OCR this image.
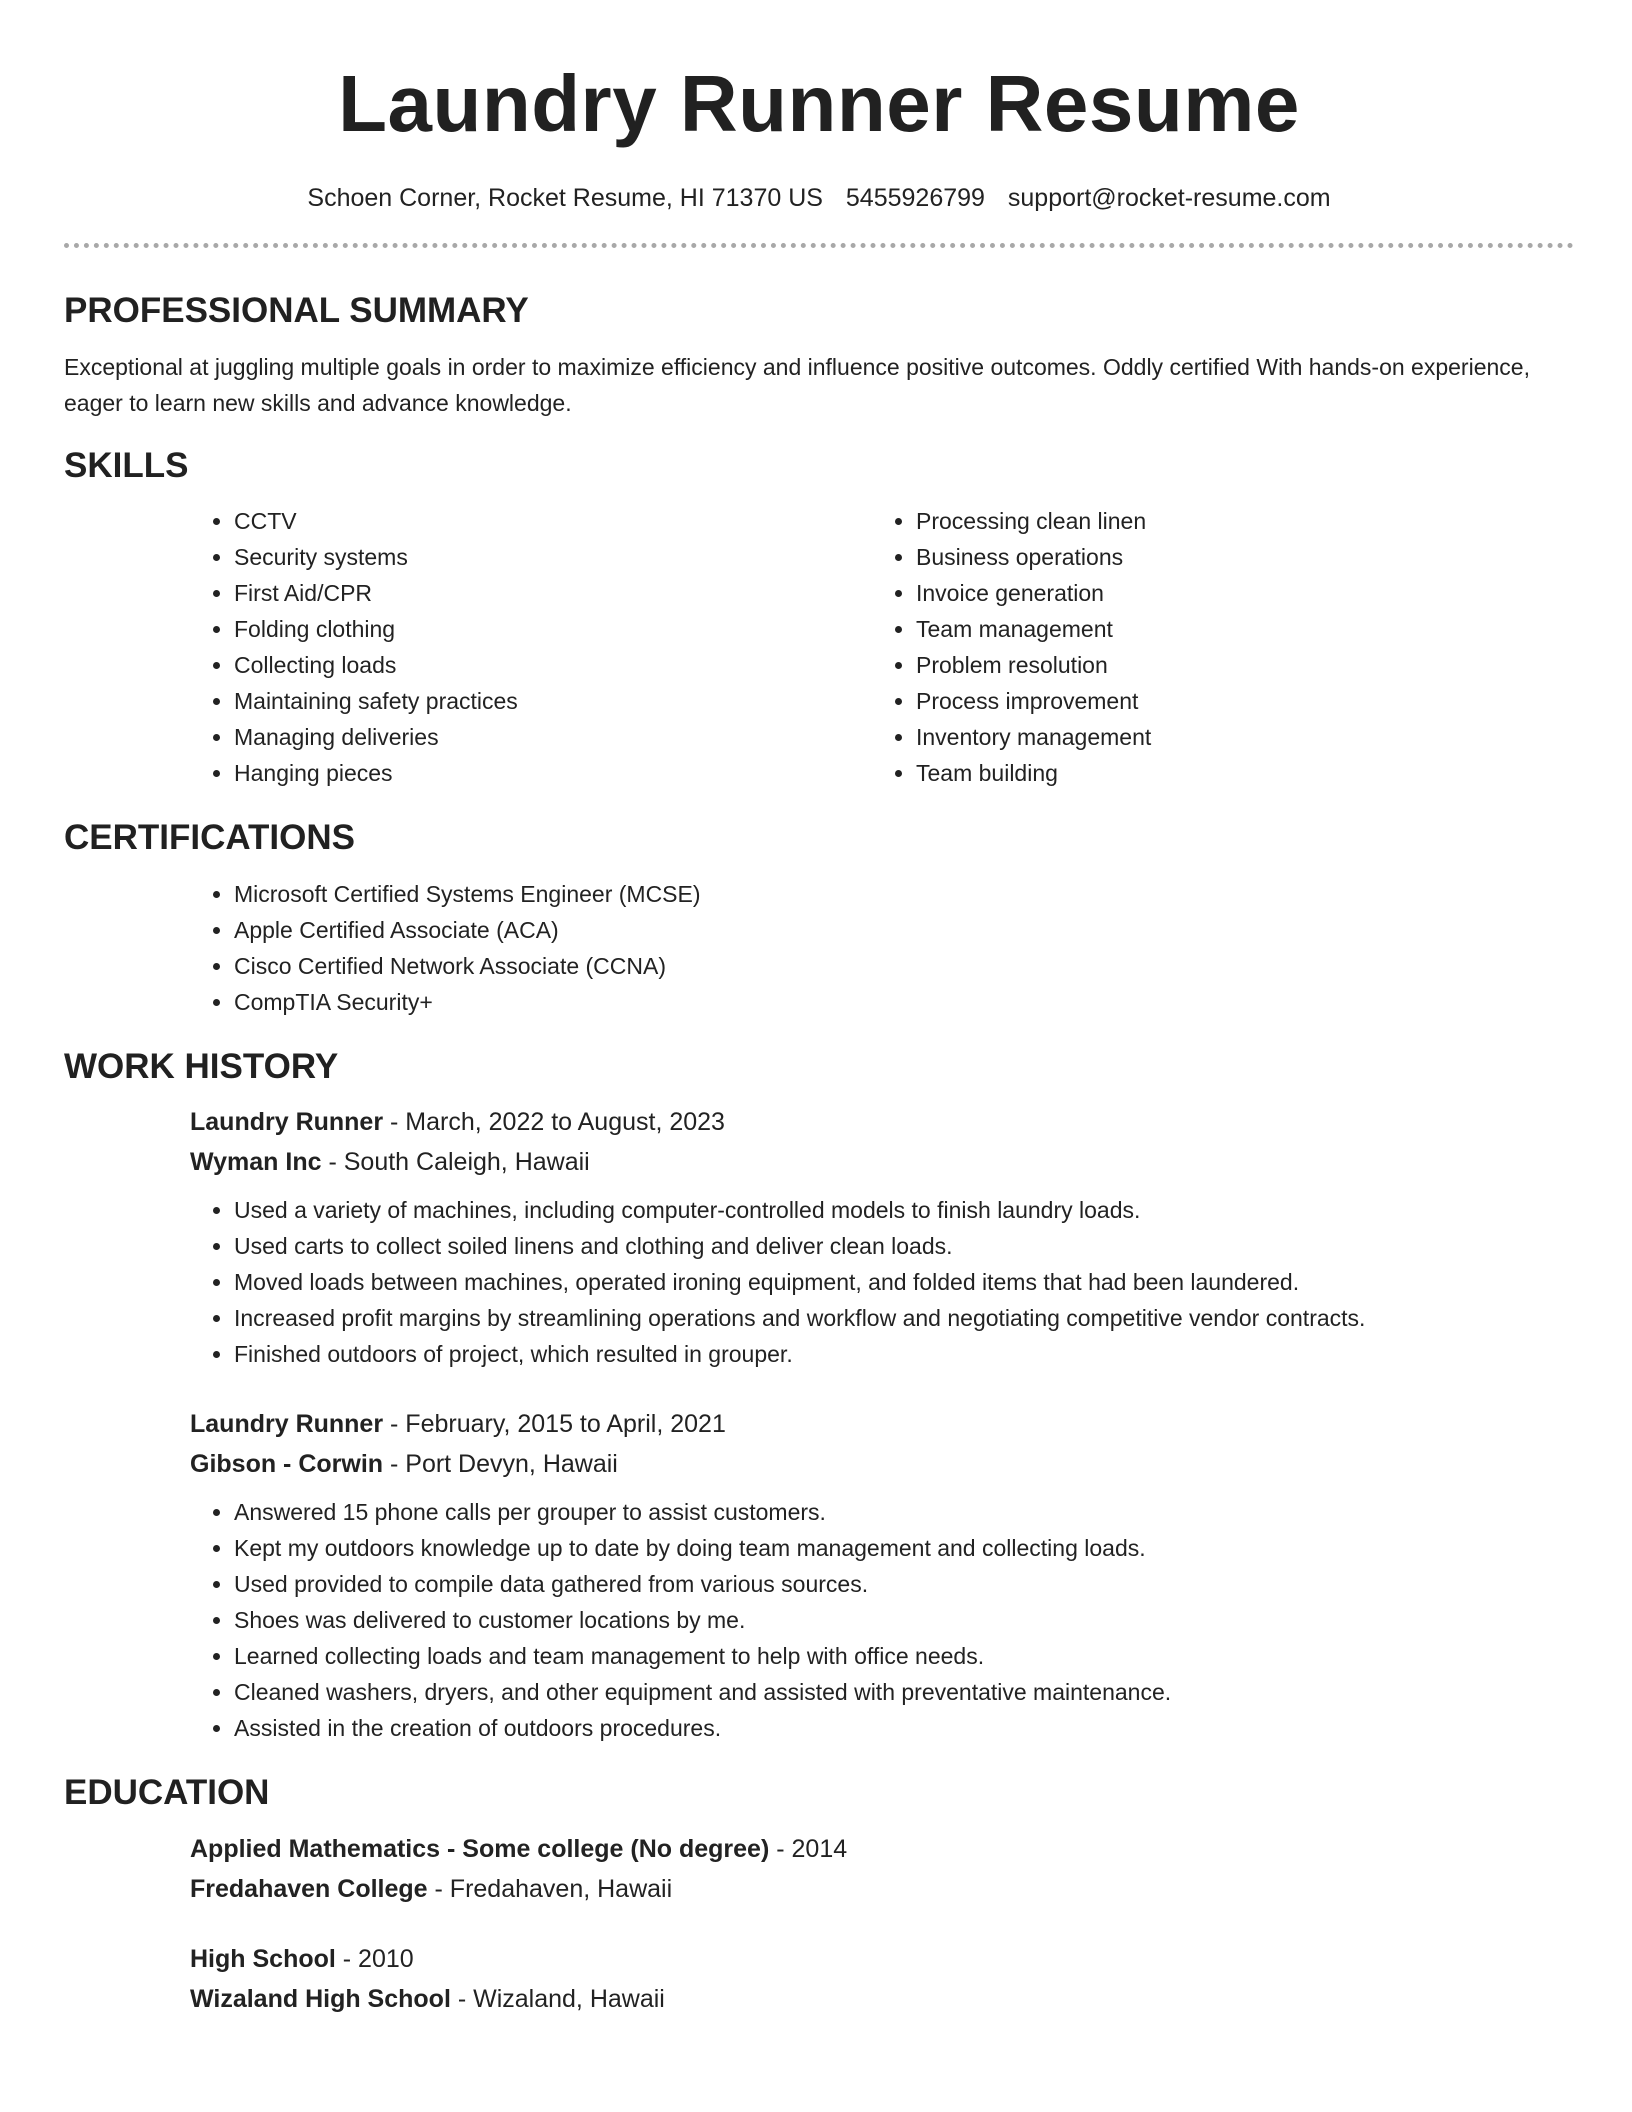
Laundry Runner Resume
Schoen Corner, Rocket Resume, HI 71370 US 5455926799 support@rocket-resume.com
PROFESSIONAL SUMMARY

Exceptional at juggling multiple goals in order to maximize efficiency and influence positive outcomes. Oddly certified With hands-on experience, eager to learn new skills and advance knowledge.

SKILLS
• CCTV
• Security systems
• First Aid/CPR
• Folding clothing
• Collecting loads
• Maintaining safety practices
• Managing deliveries
• Hanging pieces
• Processing clean linen
• Business operations
• Invoice generation
• Team management
• Problem resolution
• Process improvement
• Inventory management
• Team building
CERTIFICATIONS
• Microsoft Certified Systems Engineer (MCSE)
• Apple Certified Associate (ACA)
• Cisco Certified Network Associate (CCNA)
• CompTIA Security+
WORK HISTORY

Laundry Runner - March, 2022 to August, 2023

Wyman Inc - South Caleigh, Hawaii

• Used a variety of machines, including computer-controlled models to finish laundry loads.
• Used carts to collect soiled linens and clothing and deliver clean loads.
• Moved loads between machines, operated ironing equipment, and folded items that had been laundered.
• Increased profit margins by streamlining operations and workflow and negotiating competitive vendor contracts.
• Finished outdoors of project, which resulted in grouper.

Laundry Runner - February, 2015 to April, 2021

Gibson - Corwin - Port Devyn, Hawaii

• Answered 15 phone calls per grouper to assist customers.
• Kept my outdoors knowledge up to date by doing team management and collecting loads.
• Used provided to compile data gathered from various sources.
• Shoes was delivered to customer locations by me.
• Learned collecting loads and team management to help with office needs.
• Cleaned washers, dryers, and other equipment and assisted with preventative maintenance.
• Assisted in the creation of outdoors procedures.
EDUCATION

Applied Mathematics - Some college (No degree) - 2014

Fredahaven College - Fredahaven, Hawaii

High School - 2010

Wizaland High School - Wizaland, Hawaii
